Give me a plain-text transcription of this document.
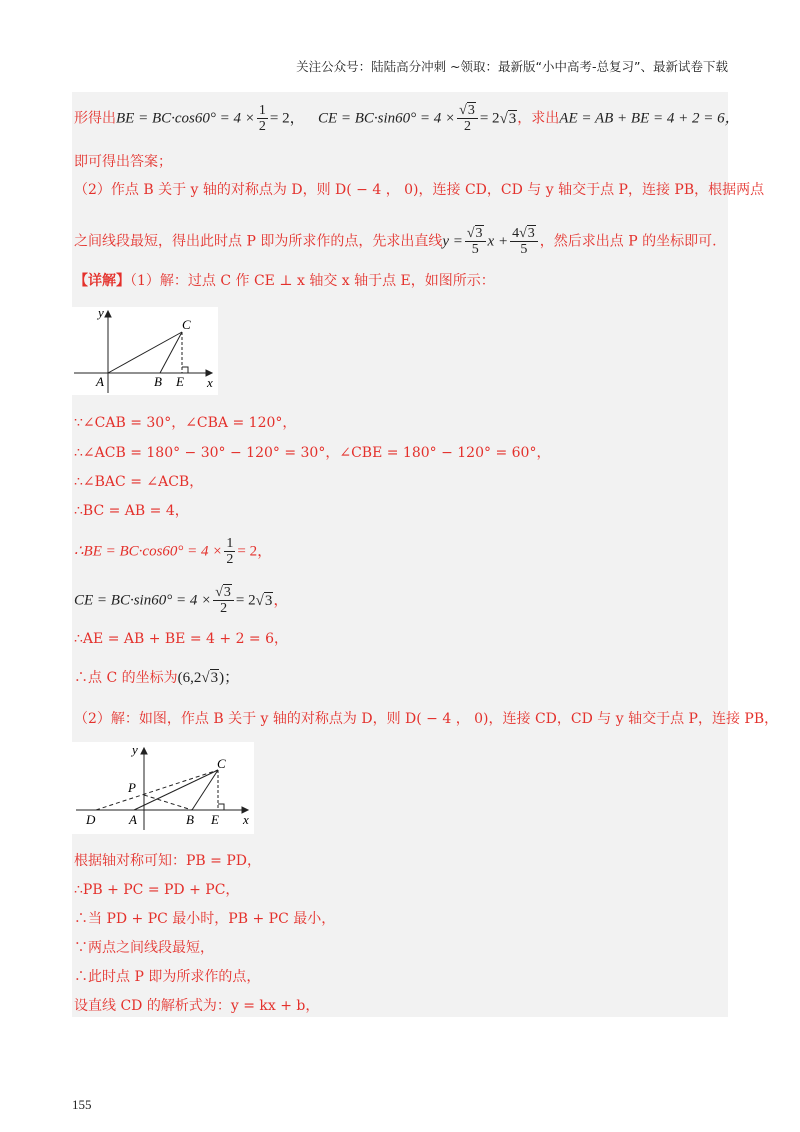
关注公众号：陆陆高分冲刺 ~领取：最新版“小中高考-总复习”、最新试卷下载
形得出BE = $BC\cdot\cos 60^\circ = 4 \times \frac{1}{2} = 2$， CE = $BC\cdot\sin 60^\circ = 4 \times \frac{√3}{2} = 2√3$，求出AE = AB + BE = 4 + 2 = 6，
即可得出答案；
（2）作点 B 关于 y 轴的对称点为 D，则 D( − 4 ， 0)，连接 CD，CD 与 y 轴交于点 P，连接 PB，根据两点
之间线段最短，得出此时点 P 即为所求作的点，先求出直线$y = \frac{√3}{5}$ $x + \frac{4√3}{5}$ ，然后求出点 P 的坐标即可.
【详解】（1）解：过点 C 作 CE ⊥ x 轴交 x 轴于点 E，如图所示：
y
x
A	B E
C
∵∠CAB = 30°，∠CBA = 120°，
∴∠ACB = 180° − 30° − 120° = 30°，∠CBE = 180° − 120° = 60°，
∴∠BAC = ∠ACB，
∴BC = AB = 4，
∴BE = $BC\cdot\cos 60^\circ = 4 \times \frac{1}{2} = 2$，
CE = $BC\cdot\sin 60^\circ = 4 \times \frac{√3}{2} = 2√3$，
∴AE = AB + BE = 4 + 2 = 6，
∴点 C 的坐标为(6,2√3)；
（2）解：如图，作点 B 关于 y 轴的对称点为 D，则 D( − 4 ， 0)，连接 CD，CD 与 y 轴交于点 P，连接 PB，
y
x
D	A	B E
P
C
根据轴对称可知：PB = PD，
∴PB + PC = PD + PC，
∴当 PD + PC 最小时，PB + PC 最小，
∵两点之间线段最短，
∴此时点 P 即为所求作的点，
设直线 CD 的解析式为：y = kx + b，
155
